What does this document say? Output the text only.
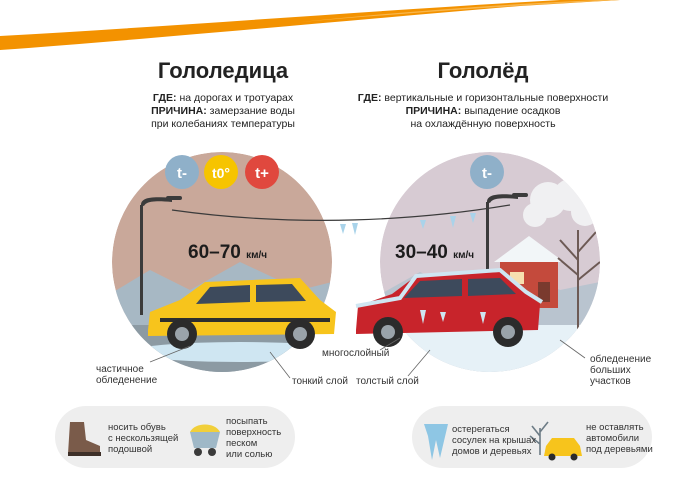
t- t0° t+	t-
Гололедица
ГДЕ: на дорогах и тротуарах
ПРИЧИНА: замерзание воды
при колебаниях температуры
Гололёд
ГДЕ: вертикальные и горизонтальные поверхности
ПРИЧИНА: выпадение осадков
на охлаждённую поверхность
60–70 км/ч	30–40 км/ч
частичное
обледенение	тонкий слой толстый слой
многослойный
обледенение
больших
участков
носить обувь
с нескользящей
подошвой
посыпать
поверхность
песком
или солью
остерегаться
сосулек на крышах
домов и деревьях
не оставлять
автомобили
под деревьями
